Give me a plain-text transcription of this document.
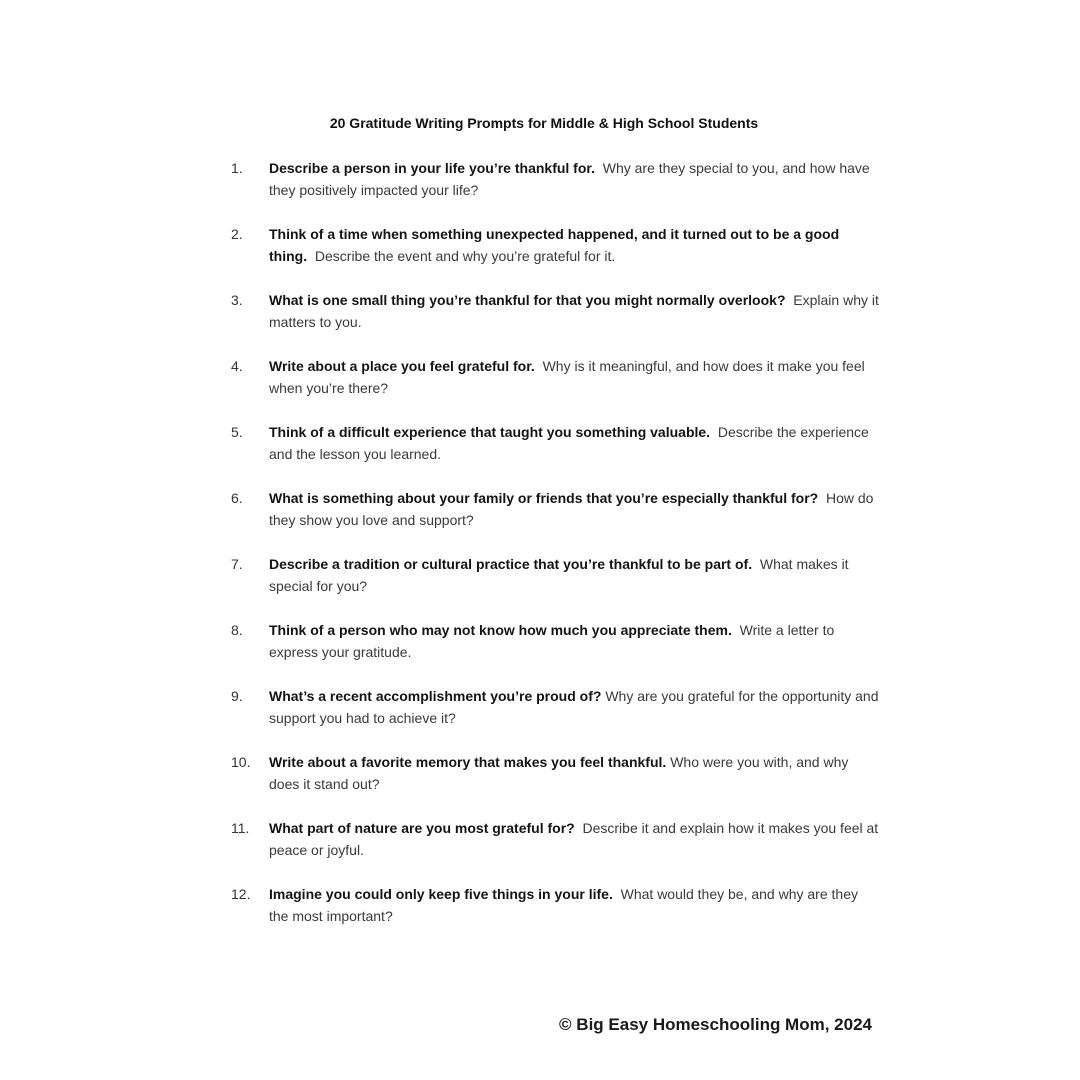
20 Gratitude Writing Prompts for Middle & High School Students
1. Describe a person in your life you’re thankful for. Why are they special to you, and how have they positively impacted your life?
2. Think of a time when something unexpected happened, and it turned out to be a good thing. Describe the event and why you’re grateful for it.
3. What is one small thing you’re thankful for that you might normally overlook? Explain why it matters to you.
4. Write about a place you feel grateful for. Why is it meaningful, and how does it make you feel when you’re there?
5. Think of a difficult experience that taught you something valuable. Describe the experience and the lesson you learned.
6. What is something about your family or friends that you’re especially thankful for? How do they show you love and support?
7. Describe a tradition or cultural practice that you’re thankful to be part of. What makes it special for you?
8. Think of a person who may not know how much you appreciate them. Write a letter to express your gratitude.
9. What’s a recent accomplishment you’re proud of? Why are you grateful for the opportunity and support you had to achieve it?
10. Write about a favorite memory that makes you feel thankful. Who were you with, and why does it stand out?
11. What part of nature are you most grateful for? Describe it and explain how it makes you feel at peace or joyful.
12. Imagine you could only keep five things in your life. What would they be, and why are they the most important?

© Big Easy Homeschooling Mom, 2024
